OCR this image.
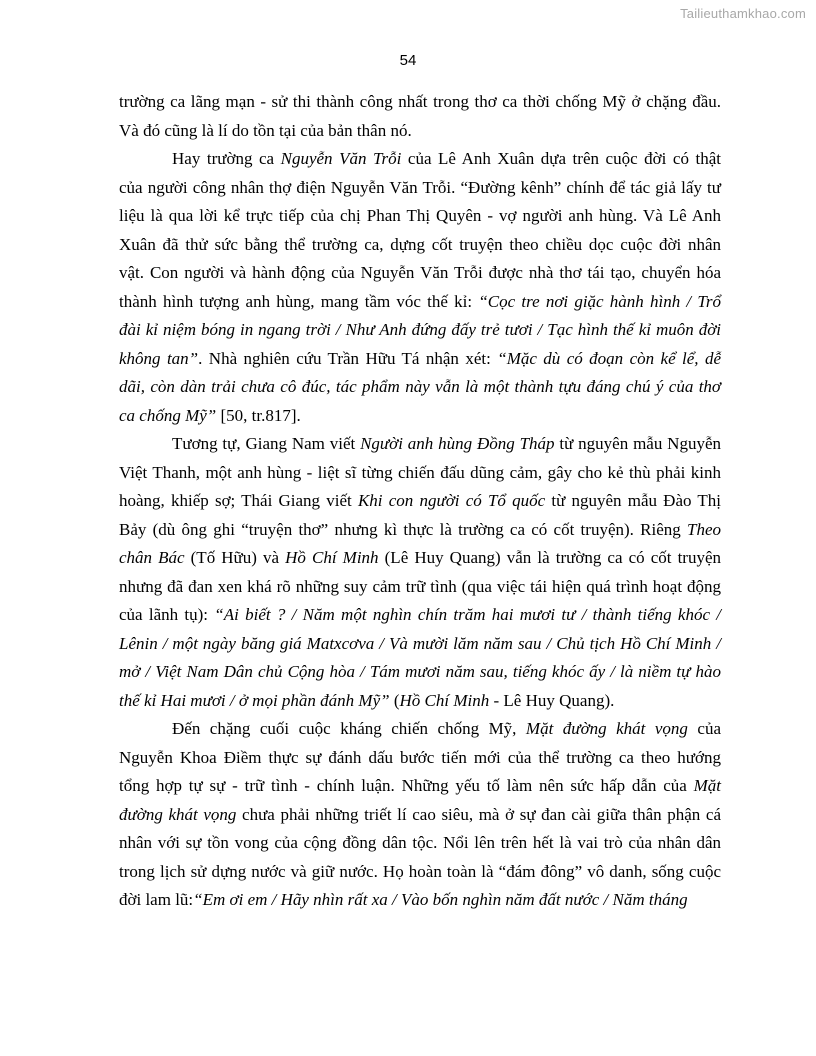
Tailieuthamkhao.com
54
trường ca lãng mạn - sử thi thành công nhất trong thơ ca thời chống Mỹ ở chặng đầu.
Và đó cũng là lí do tồn tại của bản thân nó.
Hay trường ca Nguyễn Văn Trỗi của Lê Anh Xuân dựa trên cuộc đời có thật
của người công nhân thợ điện Nguyễn Văn Trỗi. “Đường kênh” chính để tác giả lấy tư
liệu là qua lời kể trực tiếp của chị Phan Thị Quyên - vợ người anh hùng. Và Lê Anh
Xuân đã thử sức bằng thể trường ca, dựng cốt truyện theo chiều dọc cuộc đời nhân
vật. Con người và hành động của Nguyễn Văn Trỗi được nhà thơ tái tạo, chuyển hóa
thành hình tượng anh hùng, mang tầm vóc thế kỉ: “Cọc tre nơi giặc hành hình / Trổ
đài kỉ niệm bóng in ngang trời / Như Anh đứng đấy trẻ tươi / Tạc hình thế kỉ muôn đời
không tan”. Nhà nghiên cứu Trần Hữu Tá nhận xét: “Mặc dù có đoạn còn kể lể, dễ
dãi, còn dàn trải chưa cô đúc, tác phẩm này vẫn là một thành tựu đáng chú ý của thơ
ca chống Mỹ” [50, tr.817].
Tương tự, Giang Nam viết Người anh hùng Đồng Tháp từ nguyên mẫu Nguyễn
Việt Thanh, một anh hùng - liệt sĩ từng chiến đấu dũng cảm, gây cho kẻ thù phải kinh
hoàng, khiếp sợ; Thái Giang viết Khi con người có Tổ quốc từ nguyên mẫu Đào Thị
Bảy (dù ông ghi “truyện thơ” nhưng kì thực là trường ca có cốt truyện). Riêng Theo
chân Bác (Tố Hữu) và Hồ Chí Minh (Lê Huy Quang) vẫn là trường ca có cốt truyện
nhưng đã đan xen khá rõ những suy cảm trữ tình (qua việc tái hiện quá trình hoạt động
của lãnh tụ): “Ai biết ? / Năm một nghìn chín trăm hai mươi tư / thành tiếng khóc /
Lênin / một ngày băng giá Matxcơva / Và mười lăm năm sau / Chủ tịch Hồ Chí Minh /
mở / Việt Nam Dân chủ Cộng hòa / Tám mươi năm sau, tiếng khóc ấy / là niềm tự hào
thế kỉ Hai mươi / ở mọi phần đánh Mỹ” (Hồ Chí Minh - Lê Huy Quang).
Đến chặng cuối cuộc kháng chiến chống Mỹ, Mặt đường khát vọng của
Nguyễn Khoa Điềm thực sự đánh dấu bước tiến mới của thể trường ca theo hướng
tổng hợp tự sự - trữ tình - chính luận. Những yếu tố làm nên sức hấp dẫn của Mặt
đường khát vọng chưa phải những triết lí cao siêu, mà ở sự đan cài giữa thân phận cá
nhân với sự tồn vong của cộng đồng dân tộc. Nổi lên trên hết là vai trò của nhân dân
trong lịch sử dựng nước và giữ nước. Họ hoàn toàn là “đám đông” vô danh, sống cuộc
đời lam lũ:“Em ơi em / Hãy nhìn rất xa / Vào bốn nghìn năm đất nước / Năm tháng
